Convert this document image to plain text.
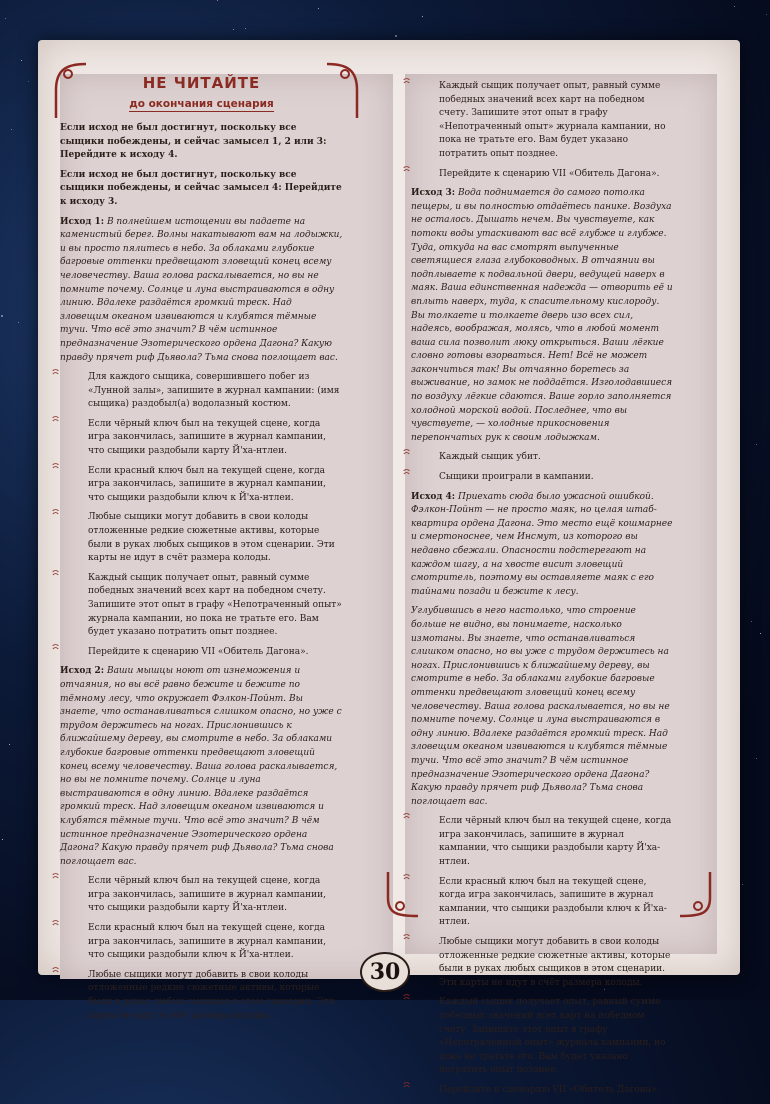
НЕ ЧИТАЙТЕ
до окончания сценария

Если исход не был достигнут, поскольку все сыщики побеждены, и сейчас замысел 1, 2 или 3: Перейдите к исходу 4.

Если исход не был достигнут, поскольку все сыщики побеждены, и сейчас замысел 4: Перейдите к исходу 3.

Исход 1: В полнейшем истощении вы падаете на каменистый берег. Волны накатывают вам на лодыжки, и вы просто пялитесь в небо. За облаками глубокие багровые оттенки предвещают зловещий конец всему человечеству. Ваша голова раскалывается, но вы не помните почему. Солнце и луна выстраиваются в одну линию. Вдалеке раздаётся громкий треск. Над зловещим океаном извиваются и клубятся тёмные тучи. Что всё это значит? В чём истинное предназначение Эзотерического ордена Дагона? Какую правду прячет риф Дьявола? Тьма снова поглощает вас.

Для каждого сыщика, совершившего побег из «Лунной залы», запишите в журнал кампании: (имя сыщика) раздобыл(а) водолазный костюм.
Если чёрный ключ был на текущей сцене, когда игра закончилась, запишите в журнал кампании, что сыщики раздобыли карту Й'ха-нтлеи.
Если красный ключ был на текущей сцене, когда игра закончилась, запишите в журнал кампании, что сыщики раздобыли ключ к Й'ха-нтлеи.
Любые сыщики могут добавить в свои колоды отложенные редкие сюжетные активы, которые были в руках любых сыщиков в этом сценарии. Эти карты не идут в счёт размера колоды.
Каждый сыщик получает опыт, равный сумме победных значений всех карт на победном счету. Запишите этот опыт в графу «Непотраченный опыт» журнала кампании, но пока не тратьте его. Вам будет указано потратить опыт позднее.
Перейдите к сценарию VII «Обитель Дагона».

Исход 2: Ваши мышцы ноют от изнеможения и отчаяния, но вы всё равно бежите и бежите по тёмному лесу, что окружает Фэлкон-Пойнт. Вы знаете, что останавливаться слишком опасно, но уже с трудом держитесь на ногах. Прислонившись к ближайшему дереву, вы смотрите в небо. За облаками глубокие багровые оттенки предвещают зловещий конец всему человечеству. Ваша голова раскалывается, но вы не помните почему. Солнце и луна выстраиваются в одну линию. Вдалеке раздаётся громкий треск. Над зловещим океаном извиваются и клубятся тёмные тучи. Что всё это значит? В чём истинное предназначение Эзотерического ордена Дагона? Какую правду прячет риф Дьявола? Тьма снова поглощает вас.

Если чёрный ключ был на текущей сцене, когда игра закончилась, запишите в журнал кампании, что сыщики раздобыли карту Й'ха-нтлеи.
Если красный ключ был на текущей сцене, когда игра закончилась, запишите в журнал кампании, что сыщики раздобыли ключ к Й'ха-нтлеи.
Любые сыщики могут добавить в свои колоды отложенные редкие сюжетные активы, которые были в руках любых сыщиков в этом сценарии. Эти карты не идут в счёт размера колоды.
Каждый сыщик получает опыт, равный сумме победных значений всех карт на победном счету. Запишите этот опыт в графу «Непотраченный опыт» журнала кампании, но пока не тратьте его. Вам будет указано потратить опыт позднее.
Перейдите к сценарию VII «Обитель Дагона».

Исход 3: Вода поднимается до самого потолка пещеры, и вы полностью отдаётесь панике. Воздуха не осталось. Дышать нечем. Вы чувствуете, как потоки воды утаскивают вас всё глубже и глубже. Туда, откуда на вас смотрят выпученные светящиеся глаза глубоководных. В отчаянии вы подплываете к подвальной двери, ведущей наверх в маяк. Ваша единственная надежда — отворить её и вплыть наверх, туда, к спасительному кислороду. Вы толкаете и толкаете дверь изо всех сил, надеясь, воображая, молясь, что в любой момент ваша сила позволит люку открыться. Ваши лёгкие словно готовы взорваться. Нет! Всё не может закончиться так! Вы отчаянно боретесь за выживание, но замок не поддаётся. Изголодавшиеся по воздуху лёгкие сдаются. Ваше горло заполняется холодной морской водой. Последнее, что вы чувствуете, — холодные прикосновения перепончатых рук к своим лодыжкам.

Каждый сыщик убит.
Сыщики проиграли в кампании.

Исход 4: Приехать сюда было ужасной ошибкой. Фэлкон-Пойнт — не просто маяк, но целая штаб-квартира ордена Дагона. Это место ещё кошмарнее и смертоноснее, чем Инсмут, из которого вы недавно сбежали. Опасности подстерегают на каждом шагу, а на хвосте висит зловещий смотритель, поэтому вы оставляете маяк с его тайнами позади и бежите к лесу.

Углубившись в него настолько, что строение больше не видно, вы понимаете, насколько измотаны. Вы знаете, что останавливаться слишком опасно, но вы уже с трудом держитесь на ногах. Прислонившись к ближайшему дереву, вы смотрите в небо. За облаками глубокие багровые оттенки предвещают зловещий конец всему человечеству. Ваша голова раскалывается, но вы не помните почему. Солнце и луна выстраиваются в одну линию. Вдалеке раздаётся громкий треск. Над зловещим океаном извиваются и клубятся тёмные тучи. Что всё это значит? В чём истинное предназначение Эзотерического ордена Дагона? Какую правду прячет риф Дьявола? Тьма снова поглощает вас.

Если чёрный ключ был на текущей сцене, когда игра закончилась, запишите в журнал кампании, что сыщики раздобыли карту Й'ха-нтлеи.
Если красный ключ был на текущей сцене, когда игра закончилась, запишите в журнал кампании, что сыщики раздобыли ключ к Й'ха-нтлеи.
Любые сыщики могут добавить в свои колоды отложенные редкие сюжетные активы, которые были в руках любых сыщиков в этом сценарии. Эти карты не идут в счёт размера колоды.
Каждый сыщик получает опыт, равный сумме победных значений всех карт на победном счету. Запишите этот опыт в графу «Непотраченный опыт» журнала кампании, но пока не тратьте его. Вам будет указано потратить опыт позднее.
Перейдите к сценарию VII «Обитель Дагона».
30
